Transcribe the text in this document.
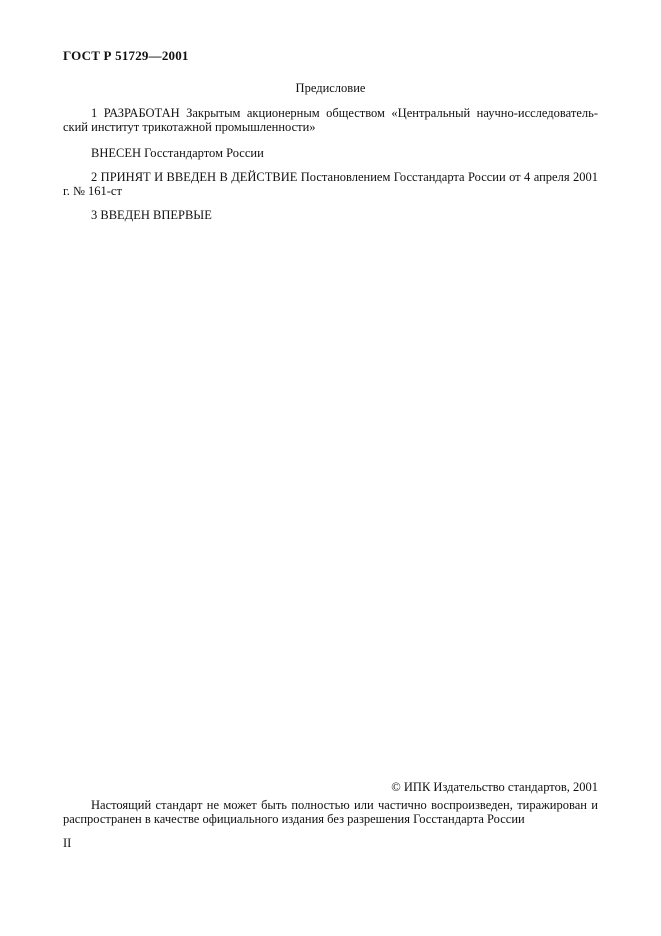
ГОСТ Р 51729—2001
Предисловие
1 РАЗРАБОТАН Закрытым акционерным обществом «Центральный научно-исследователь-ский институт трикотажной промышленности»
ВНЕСЕН Госстандартом России
2 ПРИНЯТ И ВВЕДЕН В ДЕЙСТВИЕ Постановлением Госстандарта России от 4 апреля 2001 г. № 161-ст
3 ВВЕДЕН ВПЕРВЫЕ
© ИПК Издательство стандартов, 2001
Настоящий стандарт не может быть полностью или частично воспроизведен, тиражирован и распространен в качестве официального издания без разрешения Госстандарта России
II
